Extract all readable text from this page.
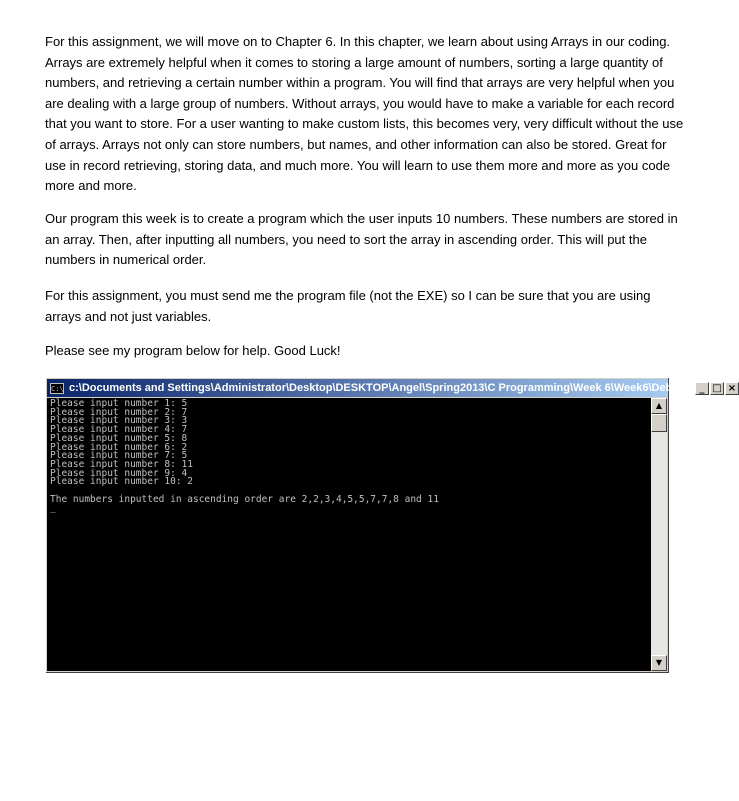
For this assignment, we will move on to Chapter 6. In this chapter, we learn about using Arrays in our coding. Arrays are extremely helpful when it comes to storing a large amount of numbers, sorting a large quantity of numbers, and retrieving a certain number within a program. You will find that arrays are very helpful when you are dealing with a large group of numbers. Without arrays, you would have to make a variable for each record that you want to store. For a user wanting to make custom lists, this becomes very, very difficult without the use of arrays. Arrays not only can store numbers, but names, and other information can also be stored. Great for use in record retrieving, storing data, and much more. You will learn to use them more and more as you code more and more.

Our program this week is to create a program which the user inputs 10 numbers. These numbers are stored in an array. Then, after inputting all numbers, you need to sort the array in ascending order. This will put the numbers in numerical order.

For this assignment, you must send me the program file (not the EXE) so I can be sure that you are using arrays and not just variables.

Please see my program below for help. Good Luck!

C:\ c:\Documents and Settings\Administrator\Desktop\DESKTOP\Angel\Spring2013\C Programming\Week 6\Week6\Debug... _ □ ×
Please input number 1: 5
Please input number 2: 7
Please input number 3: 3
Please input number 4: 7
Please input number 5: 8
Please input number 6: 2
Please input number 7: 5
Please input number 8: 11
Please input number 9: 4
Please input number 10: 2

The numbers inputted in ascending order are 2,2,3,4,5,5,7,7,8 and 11
_

▲
▼
